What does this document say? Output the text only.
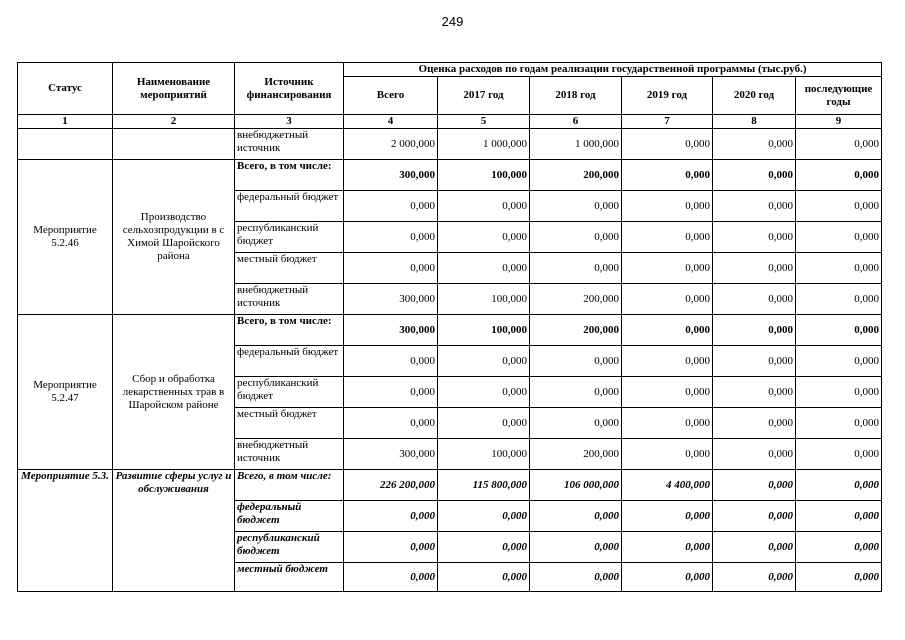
249
Статус	Наименование мероприятий	Источник финансирования	Оценка расходов по годам реализации государственной программы (тыс.руб.)					
			Всего	2017 год	2018 год	2019 год	2020 год	последующие годы
1	2	3	4	5	6	7	8	9
		внебюджетный источник	2 000,000	1 000,000	1 000,000	0,000	0,000	0,000
Мероприятие 5.2.46	Производство сельхозпродукции в с Химой Шаройского района	Всего, в том числе:	300,000	100,000	200,000	0,000	0,000	0,000
		федеральный бюджет	0,000	0,000	0,000	0,000	0,000	0,000
		республиканский бюджет	0,000	0,000	0,000	0,000	0,000	0,000
		местный бюджет	0,000	0,000	0,000	0,000	0,000	0,000
		внебюджетный источник	300,000	100,000	200,000	0,000	0,000	0,000
Мероприятие 5.2.47	Сбор и обработка лекарственных трав в Шаройском районе	Всего, в том числе:	300,000	100,000	200,000	0,000	0,000	0,000
		федеральный бюджет	0,000	0,000	0,000	0,000	0,000	0,000
		республиканский бюджет	0,000	0,000	0,000	0,000	0,000	0,000
		местный бюджет	0,000	0,000	0,000	0,000	0,000	0,000
		внебюджетный источник	300,000	100,000	200,000	0,000	0,000	0,000
Мероприятие 5.3.	Развитие сферы услуг и обслуживания	Всего, в том числе:	226 200,000	115 800,000	106 000,000	4 400,000	0,000	0,000
		федеральный бюджет	0,000	0,000	0,000	0,000	0,000	0,000
		республиканский бюджет	0,000	0,000	0,000	0,000	0,000	0,000
		местный бюджет	0,000	0,000	0,000	0,000	0,000	0,000
